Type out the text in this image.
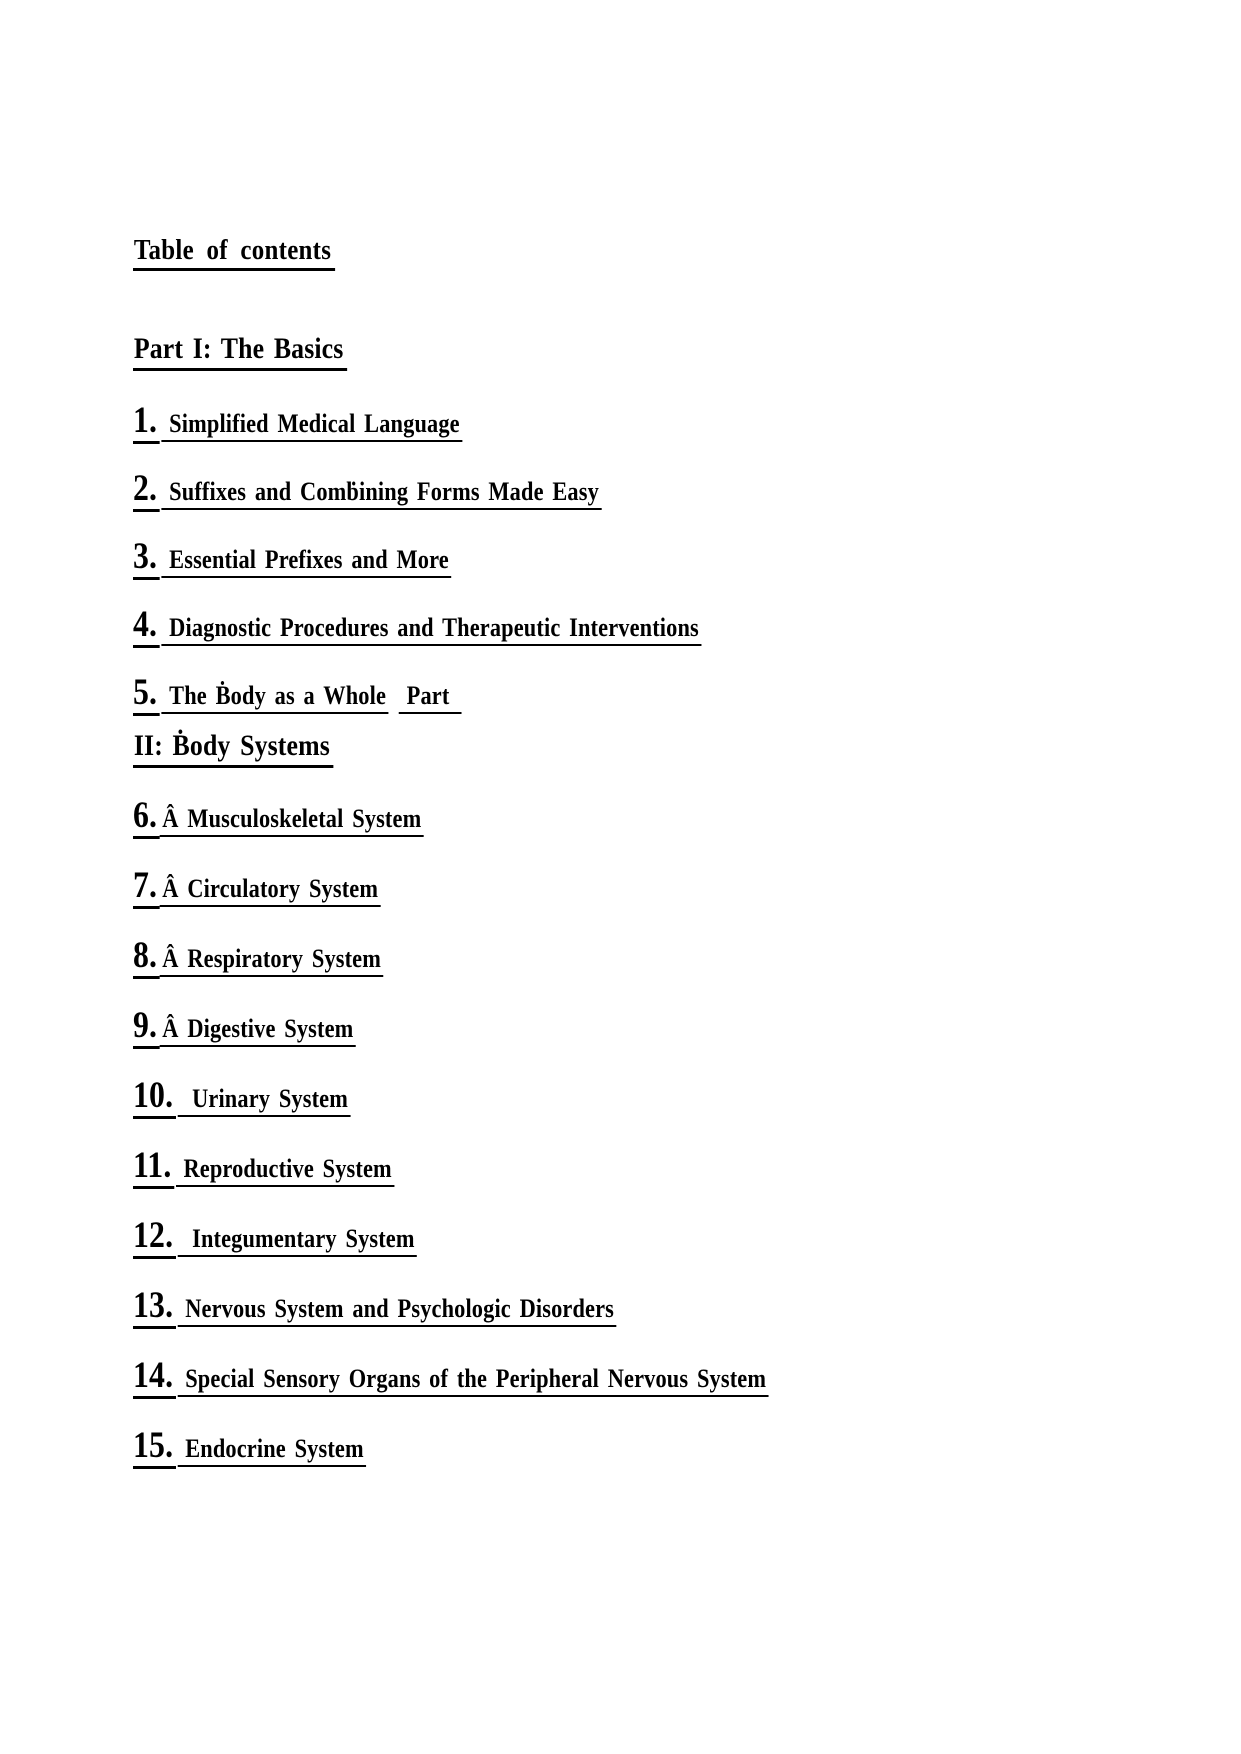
Table of contents

Part I: The Basics

1. Simplified Medical Language

2. Suffixes and Comḃining Forms Made Easy

3. Essential Prefixes and More

4. Diagnostic Procedures and Therapeutic Interventions

5. The Ḃody as a Whole Part

II: Ḃody Systems

6. Â Musculoskeletal System

7. Â Circulatory System

8. Â Respiratory System

9. Â Digestive System

10. Urinary System

11. Reproductive System

12. Integumentary System

13. Nervous System and Psychologic Disorders

14. Special Sensory Organs of the Peripheral Nervous System

15. Endocrine System
